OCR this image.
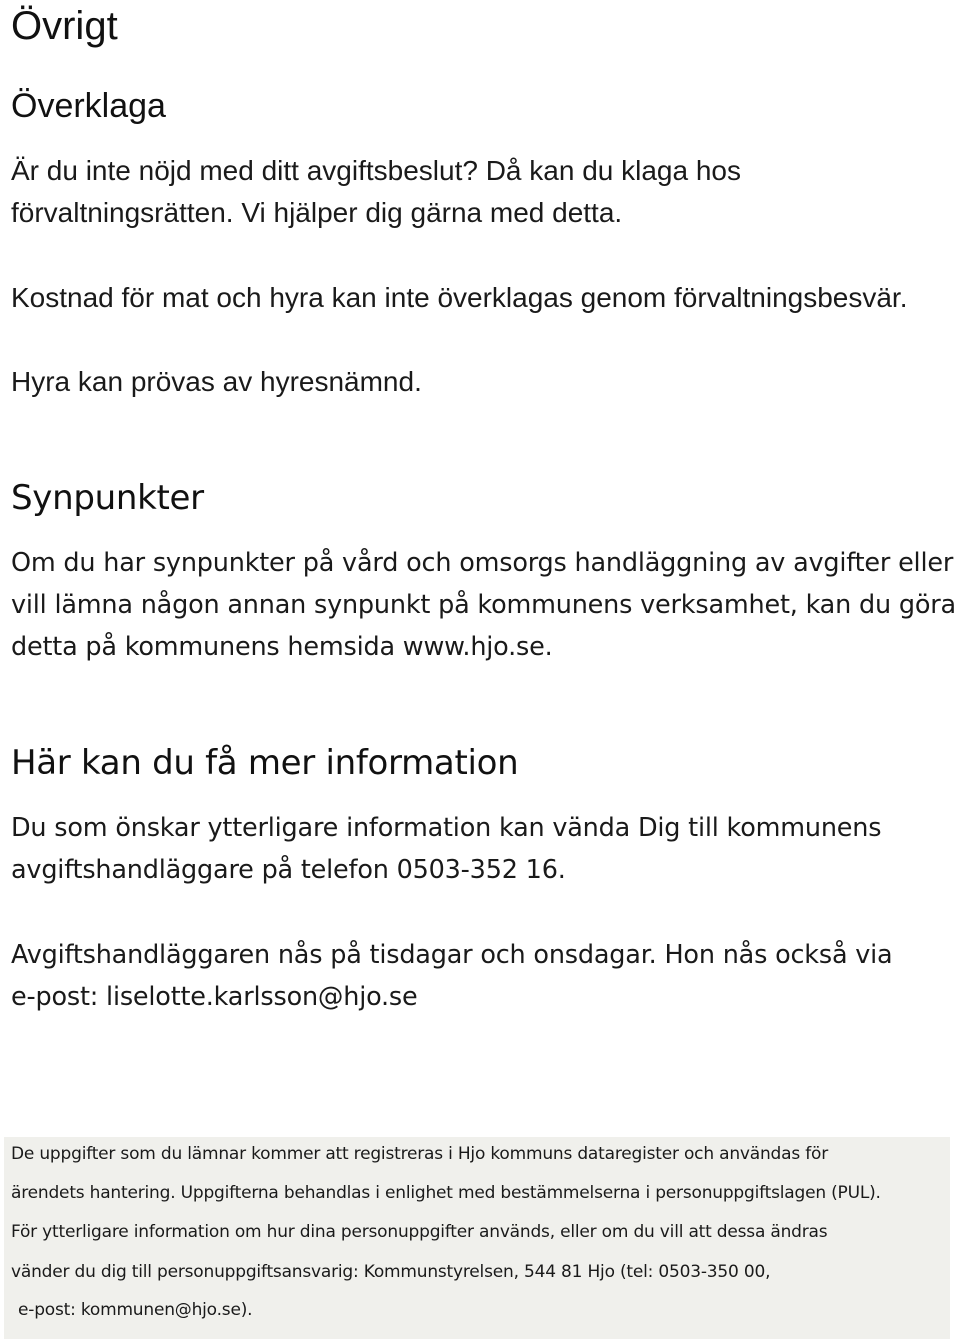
Övrigt
Överklaga

Är du inte nöjd med ditt avgiftsbeslut? Då kan du klaga hos
förvaltningsrätten. Vi hjälper dig gärna med detta.

Kostnad för mat och hyra kan inte överklagas genom förvaltningsbesvär.

Hyra kan prövas av hyresnämnd.

Synpunkter

Om du har synpunkter på vård och omsorgs handläggning av avgifter eller
vill lämna någon annan synpunkt på kommunens verksamhet, kan du göra
detta på kommunens hemsida www.hjo.se.

Här kan du få mer information

Du som önskar ytterligare information kan vända Dig till kommunens
avgiftshandläggare på telefon 0503-352 16.

Avgiftshandläggaren nås på tisdagar och onsdagar. Hon nås också via
e-post: liselotte.karlsson@hjo.se

De uppgifter som du lämnar kommer att registreras i Hjo kommuns dataregister och användas för

ärendets hantering. Uppgifterna behandlas i enlighet med bestämmelserna i personuppgiftslagen (PUL).

För ytterligare information om hur dina personuppgifter används, eller om du vill att dessa ändras

vänder du dig till personuppgiftsansvarig: Kommunstyrelsen, 544 81 Hjo (tel: 0503-350 00,

e-post: kommunen@hjo.se).
